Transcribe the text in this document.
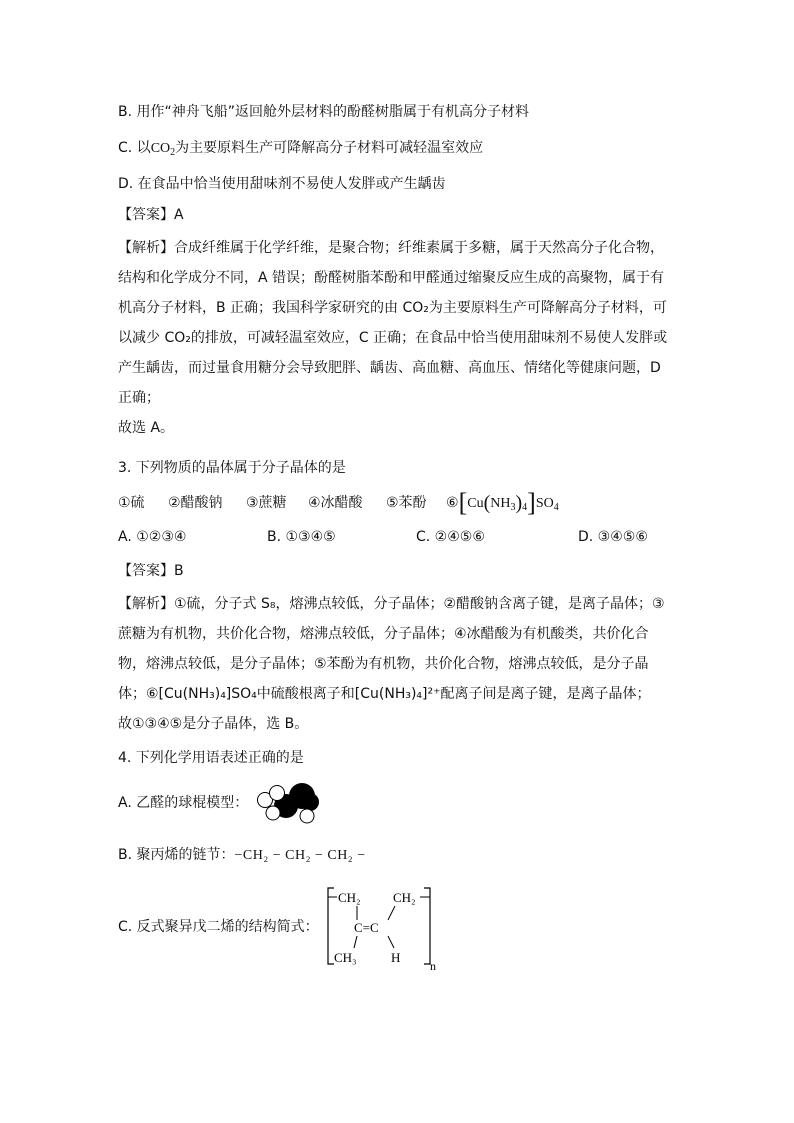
B. 用作“神舟飞船”返回舱外层材料的酚醛树脂属于有机高分子材料
C. 以$CO_2$为主要原料生产可降解高分子材料可减轻温室效应
D. 在食品中恰当使用甜味剂不易使人发胖或产生龋齿
【答案】A

【解析】合成纤维属于化学纤维，是聚合物；纤维素属于多糖，属于天然高分子化合物，

结构和化学成分不同，A 错误；酚醛树脂苯酚和甲醛通过缩聚反应生成的高聚物，属于有

机高分子材料，B 正确；我国科学家研究的由 CO₂为主要原料生产可降解高分子材料，可

以减少 CO₂的排放，可减轻温室效应，C 正确；在食品中恰当使用甜味剂不易使人发胖或

产生龋齿，而过量食用糖分会导致肥胖、龋齿、高血糖、高血压、情绪化等健康问题，D

正确；

故选 A。

3. 下列物质的晶体属于分子晶体的是
①硫 ②醋酸钠 ③蔗糖 ④冰醋酸 ⑤苯酚 $⑥[Cu(NH_3)_4]SO_4$
A. ①②③④	B. ①③④⑤	C. ②④⑤⑥	D. ③④⑤⑥
【答案】B

【解析】①硫，分子式 S₈，熔沸点较低，分子晶体；②醋酸钠含离子键，是离子晶体；③

蔗糖为有机物，共价化合物，熔沸点较低，分子晶体；④冰醋酸为有机酸类，共价化合

物，熔沸点较低，是分子晶体；⑤苯酚为有机物，共价化合物，熔沸点较低，是分子晶

体；⑥[Cu(NH₃)₄]SO₄中硫酸根离子和[Cu(NH₃)₄]²⁺配离子间是离子键，是离子晶体；

故①③④⑤是分子晶体，选 B。

4. 下列化学用语表述正确的是
A. 乙醛的球棍模型：
B. 聚丙烯的链节：−CH₂ − CH₂ − CH₂ −
C. 反式聚异戊二烯的结构简式：
CH₂ CH₂
C=C
CH₃	H
n
